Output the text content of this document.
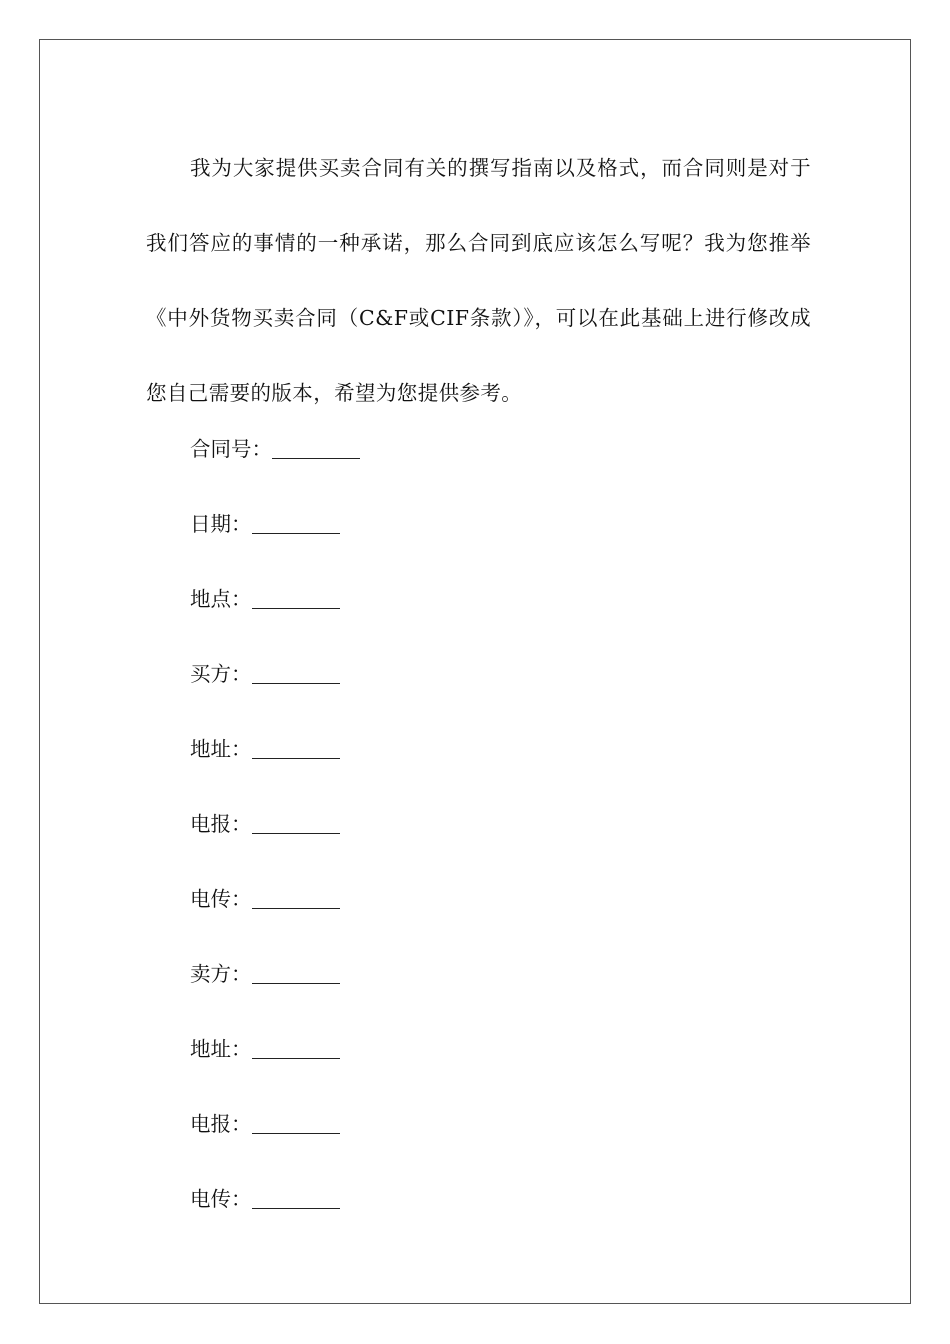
我为大家提供买卖合同有关的撰写指南以及格式，而合同则是对于我们答应的事情的一种承诺，那么合同到底应该怎么写呢？我为您推举《中外货物买卖合同（C&F或CIF条款）》，可以在此基础上进行修改成您自己需要的版本，希望为您提供参考。

合同号：
日期：
地点：
买方：
地址：
电报：
电传：
卖方：
地址：
电报：
电传：
